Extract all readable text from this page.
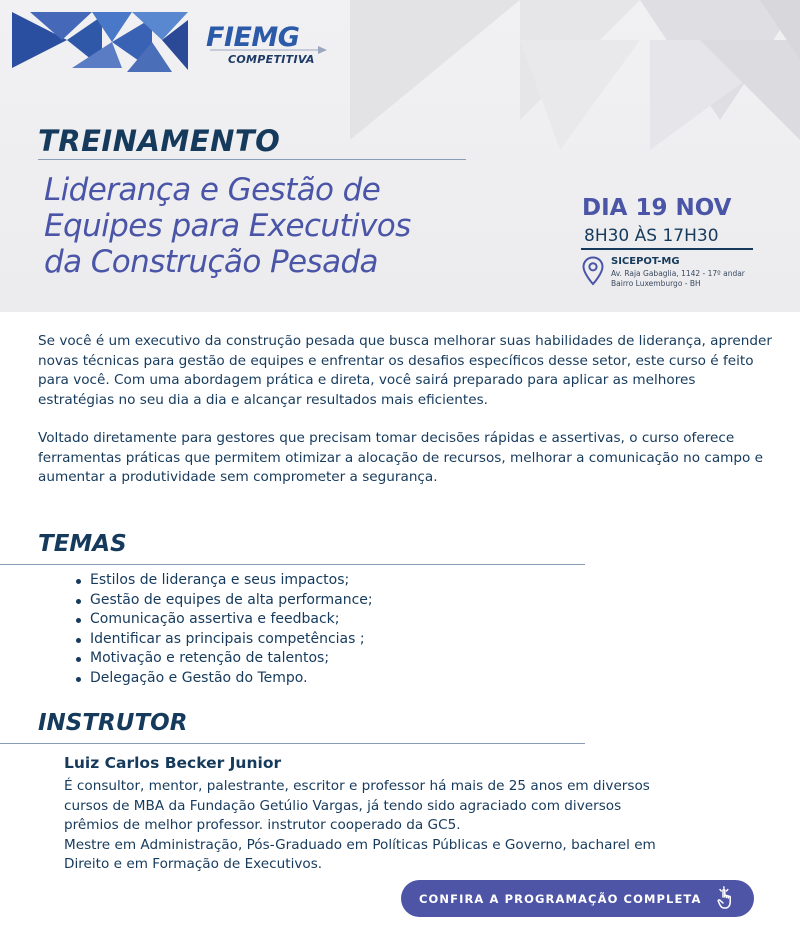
FIEMG
COMPETITIVA
TREINAMENTO
Liderança e Gestão de
Equipes para Executivos
da Construção Pesada
DIA 19 NOV
8H30 ÀS 17H30
SICEPOT-MG
Av. Raja Gabaglia, 1142 - 17º andar
Bairro Luxemburgo - BH

Se você é um executivo da construção pesada que busca melhorar suas habilidades de liderança, aprender novas técnicas para gestão de equipes e enfrentar os desafios específicos desse setor, este curso é feito para você. Com uma abordagem prática e direta, você sairá preparado para aplicar as melhores estratégias no seu dia a dia e alcançar resultados mais eficientes.

Voltado diretamente para gestores que precisam tomar decisões rápidas e assertivas, o curso oferece ferramentas práticas que permitem otimizar a alocação de recursos, melhorar a comunicação no campo e aumentar a produtividade sem comprometer a segurança.

TEMAS
Estilos de liderança e seus impactos;
Gestão de equipes de alta performance;
Comunicação assertiva e feedback;
Identificar as principais competências ;
Motivação e retenção de talentos;
Delegação e Gestão do Tempo.
INSTRUTOR
Luiz Carlos Becker Junior
É consultor, mentor, palestrante, escritor e professor há mais de 25 anos em diversos
cursos de MBA da Fundação Getúlio Vargas, já tendo sido agraciado com diversos
prêmios de melhor professor. instrutor cooperado da GC5.
Mestre em Administração, Pós-Graduado em Políticas Públicas e Governo, bacharel em
Direito e em Formação de Executivos.
CONFIRA A PROGRAMAÇÃO COMPLETA
